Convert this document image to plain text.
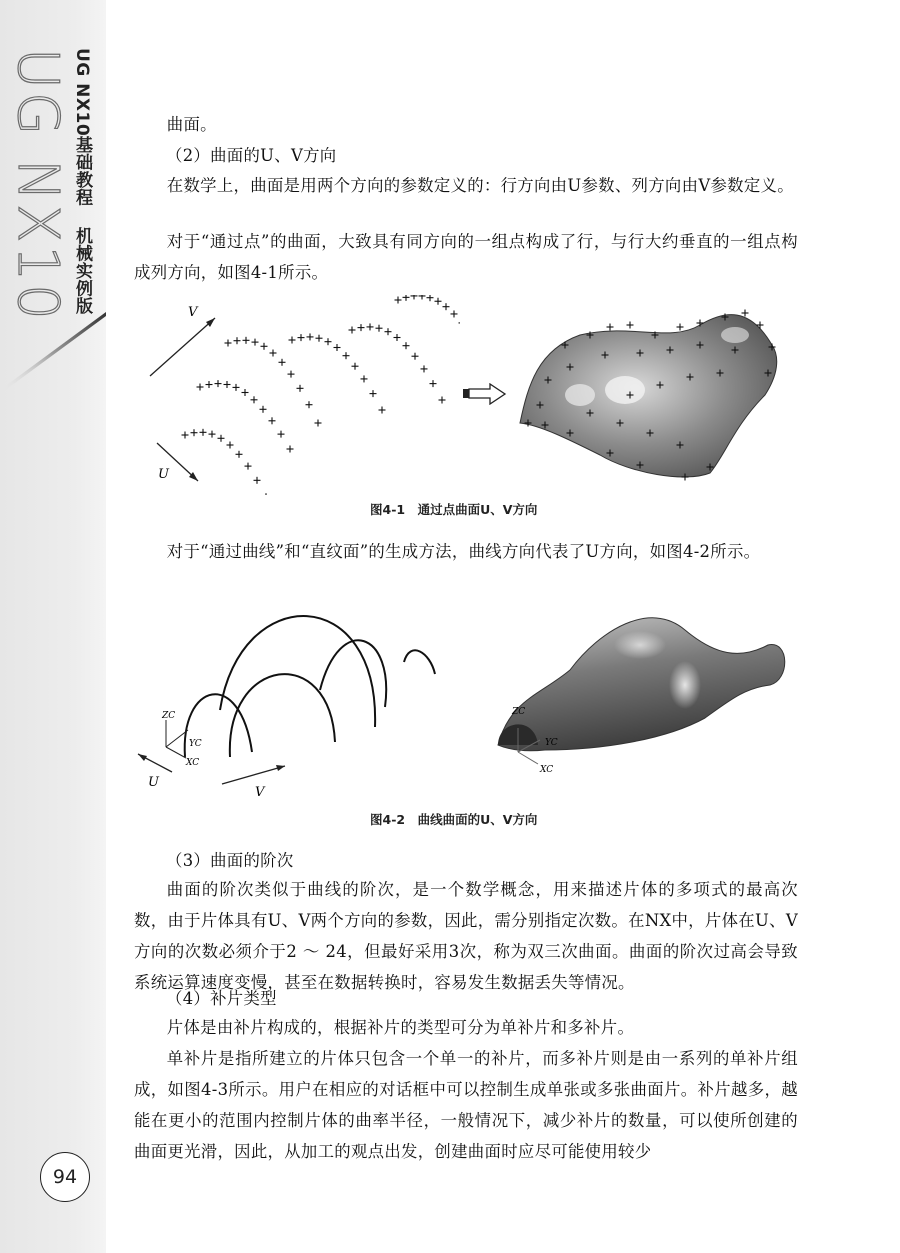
UG NX10 UG NX10基础教程 机械实例版
94

曲面。

（2）曲面的U、V方向

在数学上，曲面是用两个方向的参数定义的：行方向由U参数、列方向由V参数定义。

对于“通过点”的曲面，大致具有同方向的一组点构成了行，与行大约垂直的一组点构成列方向，如图4-1所示。

V
U

图4-1　通过点曲面U、V方向

对于“通过曲线”和“直纹面”的生成方法，曲线方向代表了U方向，如图4-2所示。

ZC
YC
XC
U
V
ZC
YC
XC

图4-2　曲线曲面的U、V方向

（3）曲面的阶次

曲面的阶次类似于曲线的阶次，是一个数学概念，用来描述片体的多项式的最高次数，由于片体具有U、V两个方向的参数，因此，需分别指定次数。在NX中，片体在U、V方向的次数必须介于2 ～ 24，但最好采用3次，称为双三次曲面。曲面的阶次过高会导致系统运算速度变慢，甚至在数据转换时，容易发生数据丢失等情况。

（4）补片类型

片体是由补片构成的，根据补片的类型可分为单补片和多补片。

单补片是指所建立的片体只包含一个单一的补片，而多补片则是由一系列的单补片组成，如图4-3所示。用户在相应的对话框中可以控制生成单张或多张曲面片。补片越多，越能在更小的范围内控制片体的曲率半径，一般情况下，减少补片的数量，可以使所创建的曲面更光滑，因此，从加工的观点出发，创建曲面时应尽可能使用较少
